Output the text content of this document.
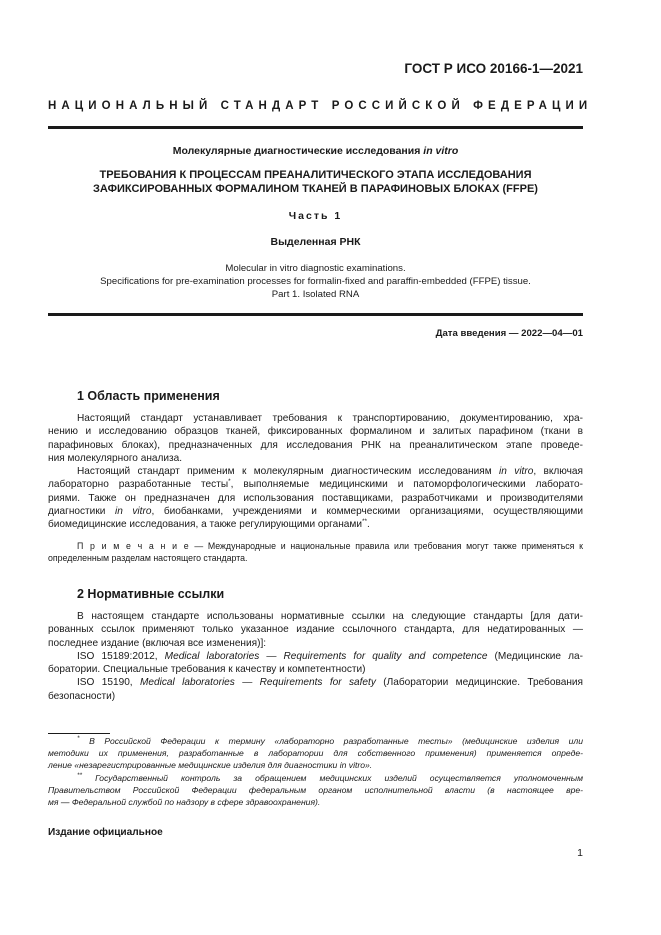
ГОСТ Р ИСО 20166-1—2021
НАЦИОНАЛЬНЫЙ СТАНДАРТ РОССИЙСКОЙ ФЕДЕРАЦИИ
Молекулярные диагностические исследования in vitro
ТРЕБОВАНИЯ К ПРОЦЕССАМ ПРЕАНАЛИТИЧЕСКОГО ЭТАПА ИССЛЕДОВАНИЯ
ЗАФИКСИРОВАННЫХ ФОРМАЛИНОМ ТКАНЕЙ В ПАРАФИНОВЫХ БЛОКАХ (FFPE)
Часть 1
Выделенная РНК
Molecular in vitro diagnostic examinations.
Specifications for pre-examination processes for formalin-fixed and paraffin-embedded (FFPE) tissue.
Part 1. Isolated RNA
Дата введения — 2022—04—01
1 Область применения
Настоящий стандарт устанавливает требования к транспортированию, документированию, хра-
нению и исследованию образцов тканей, фиксированных формалином и залитых парафином (ткани в
парафиновых блоках), предназначенных для исследования РНК на преаналитическом этапе проведе-
ния молекулярного анализа.
Настоящий стандарт применим к молекулярным диагностическим исследованиям in vitro, включая
лабораторно разработанные тесты*, выполняемые медицинскими и патоморфологическими лаборато-
риями. Также он предназначен для использования поставщиками, разработчиками и производителями
диагностики in vitro, биобанками, учреждениями и коммерческими организациями, осуществляющими
биомедицинские исследования, а также регулирующими органами**.
П р и м е ч а н и е — Международные и национальные правила или требования могут также применяться к
определенным разделам настоящего стандарта.
2 Нормативные ссылки
В настоящем стандарте использованы нормативные ссылки на следующие стандарты [для дати-
рованных ссылок применяют только указанное издание ссылочного стандарта, для недатированных —
последнее издание (включая все изменения)]:
ISO 15189:2012, Medical laboratories — Requirements for quality and competence (Медицинские ла-
боратории. Специальные требования к качеству и компетентности)
ISO 15190, Medical laboratories — Requirements for safety (Лаборатории медицинские. Требования
безопасности)
* В Российской Федерации к термину «лабораторно разработанные тесты» (медицинские изделия или
методики их применения, разработанные в лаборатории для собственного применения) применяется опреде-
ление «незарегистрированные медицинские изделия для диагностики in vitro».
** Государственный контроль за обращением медицинских изделий осуществляется уполномоченным
Правительством Российской Федерации федеральным органом исполнительной власти (в настоящее вре-
мя — Федеральной службой по надзору в сфере здравоохранения).
Издание официальное
1
